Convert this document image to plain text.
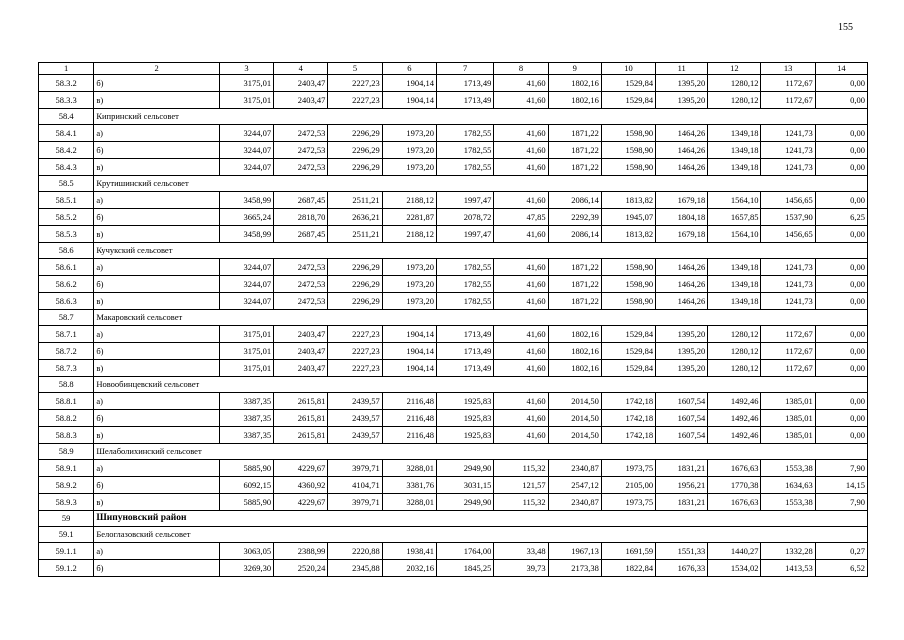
155
1	2	3	4	5	6	7	8	9	10	11	12	13	14
58.3.2	б)	3175,01	2403,47	2227,23	1904,14	1713,49	41,60	1802,16	1529,84	1395,20	1280,12	1172,67	0,00
58.3.3	в)	3175,01	2403,47	2227,23	1904,14	1713,49	41,60	1802,16	1529,84	1395,20	1280,12	1172,67	0,00
58.4	Кипринский сельсовет												
58.4.1	а)	3244,07	2472,53	2296,29	1973,20	1782,55	41,60	1871,22	1598,90	1464,26	1349,18	1241,73	0,00
58.4.2	б)	3244,07	2472,53	2296,29	1973,20	1782,55	41,60	1871,22	1598,90	1464,26	1349,18	1241,73	0,00
58.4.3	в)	3244,07	2472,53	2296,29	1973,20	1782,55	41,60	1871,22	1598,90	1464,26	1349,18	1241,73	0,00
58.5	Крутишинский сельсовет												
58.5.1	а)	3458,99	2687,45	2511,21	2188,12	1997,47	41,60	2086,14	1813,82	1679,18	1564,10	1456,65	0,00
58.5.2	б)	3665,24	2818,70	2636,21	2281,87	2078,72	47,85	2292,39	1945,07	1804,18	1657,85	1537,90	6,25
58.5.3	в)	3458,99	2687,45	2511,21	2188,12	1997,47	41,60	2086,14	1813,82	1679,18	1564,10	1456,65	0,00
58.6	Кучукский сельсовет												
58.6.1	а)	3244,07	2472,53	2296,29	1973,20	1782,55	41,60	1871,22	1598,90	1464,26	1349,18	1241,73	0,00
58.6.2	б)	3244,07	2472,53	2296,29	1973,20	1782,55	41,60	1871,22	1598,90	1464,26	1349,18	1241,73	0,00
58.6.3	в)	3244,07	2472,53	2296,29	1973,20	1782,55	41,60	1871,22	1598,90	1464,26	1349,18	1241,73	0,00
58.7	Макаровский сельсовет												
58.7.1	а)	3175,01	2403,47	2227,23	1904,14	1713,49	41,60	1802,16	1529,84	1395,20	1280,12	1172,67	0,00
58.7.2	б)	3175,01	2403,47	2227,23	1904,14	1713,49	41,60	1802,16	1529,84	1395,20	1280,12	1172,67	0,00
58.7.3	в)	3175,01	2403,47	2227,23	1904,14	1713,49	41,60	1802,16	1529,84	1395,20	1280,12	1172,67	0,00
58.8	Новообинцевский сельсовет												
58.8.1	а)	3387,35	2615,81	2439,57	2116,48	1925,83	41,60	2014,50	1742,18	1607,54	1492,46	1385,01	0,00
58.8.2	б)	3387,35	2615,81	2439,57	2116,48	1925,83	41,60	2014,50	1742,18	1607,54	1492,46	1385,01	0,00
58.8.3	в)	3387,35	2615,81	2439,57	2116,48	1925,83	41,60	2014,50	1742,18	1607,54	1492,46	1385,01	0,00
58.9	Шелаболихинский сельсовет												
58.9.1	а)	5885,90	4229,67	3979,71	3288,01	2949,90	115,32	2340,87	1973,75	1831,21	1676,63	1553,38	7,90
58.9.2	б)	6092,15	4360,92	4104,71	3381,76	3031,15	121,57	2547,12	2105,00	1956,21	1770,38	1634,63	14,15
58.9.3	в)	5885,90	4229,67	3979,71	3288,01	2949,90	115,32	2340,87	1973,75	1831,21	1676,63	1553,38	7,90
59	Шипуновский район												
59.1	Белоглазовский сельсовет												
59.1.1	а)	3063,05	2388,99	2220,88	1938,41	1764,00	33,48	1967,13	1691,59	1551,33	1440,27	1332,28	0,27
59.1.2	б)	3269,30	2520,24	2345,88	2032,16	1845,25	39,73	2173,38	1822,84	1676,33	1534,02	1413,53	6,52
